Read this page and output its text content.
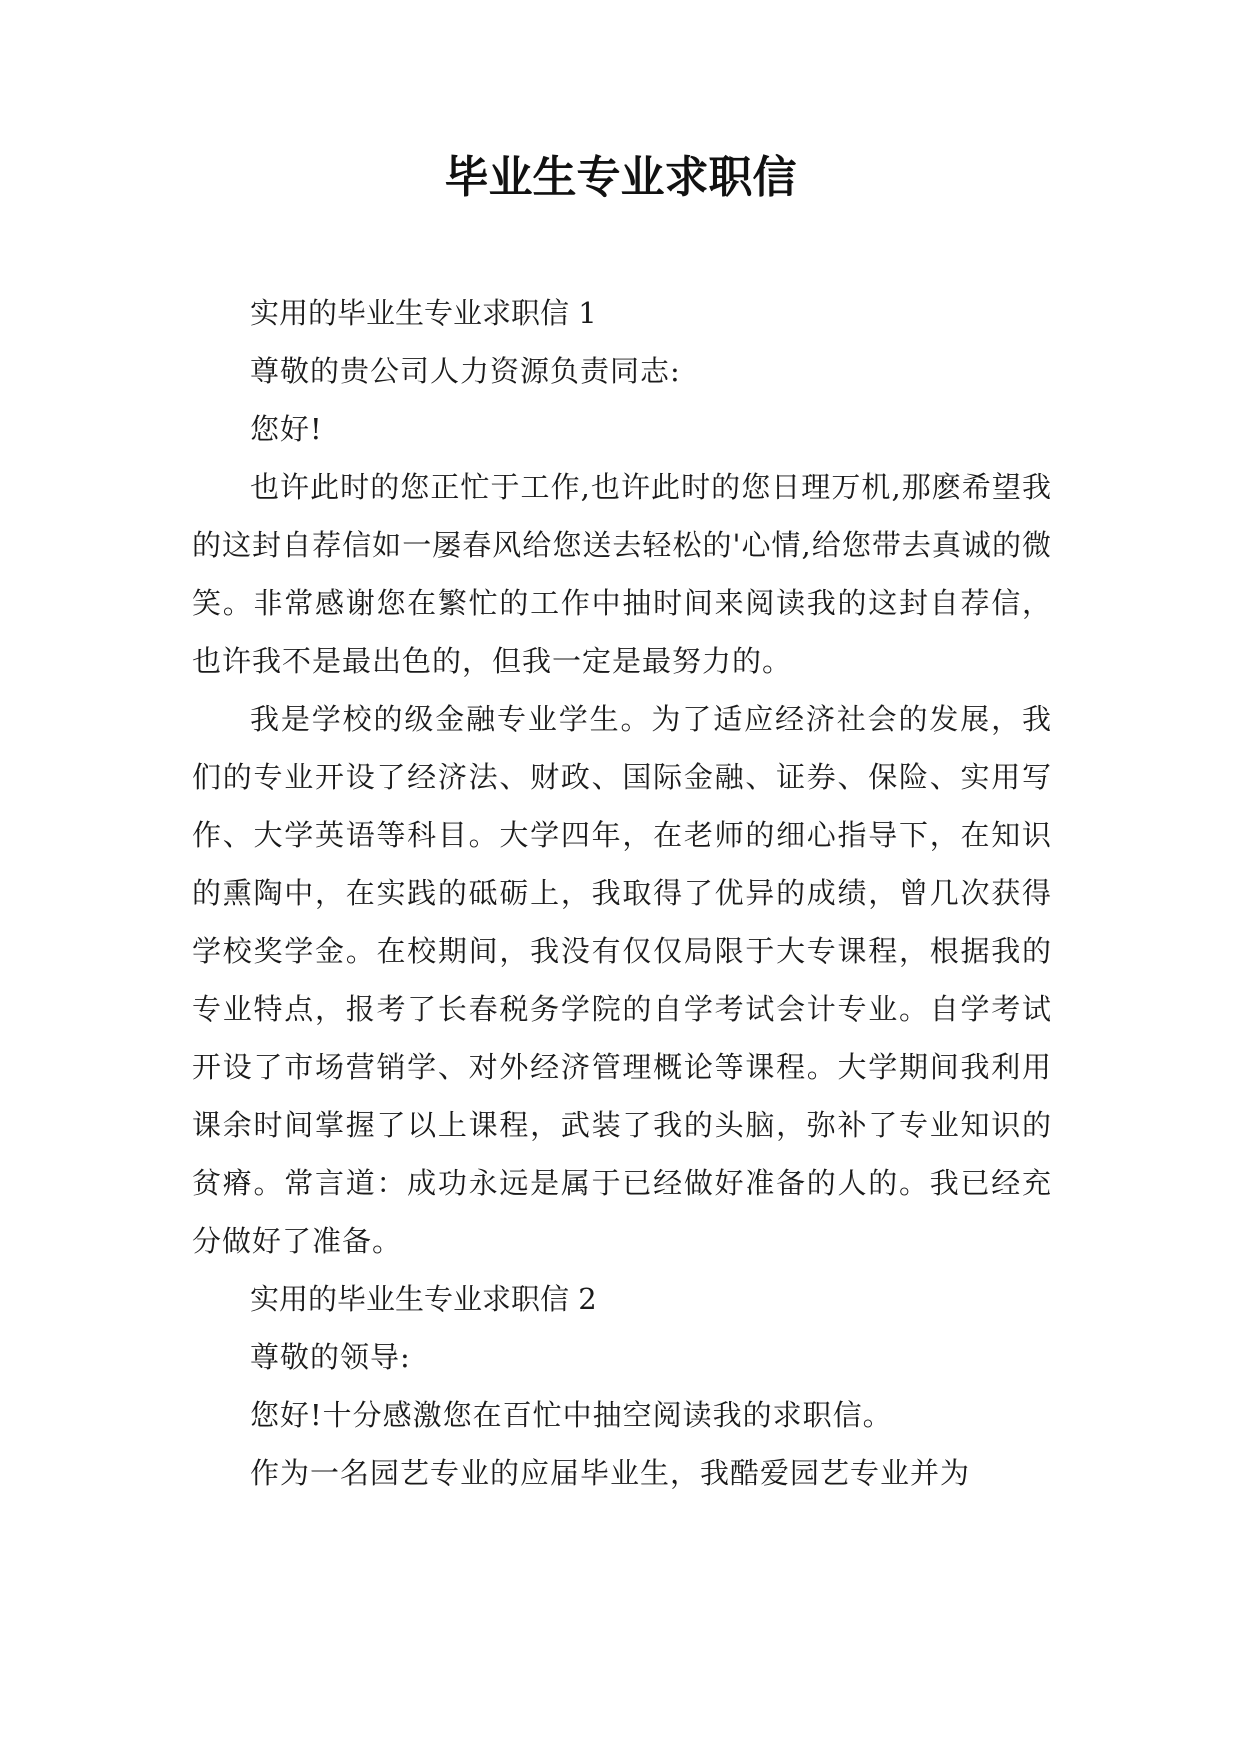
毕业生专业求职信

实用的毕业生专业求职信 1

尊敬的贵公司人力资源负责同志:

您好!

也许此时的您正忙于工作,也许此时的您日理万机,那麽希望我的这封自荐信如一屡春风给您送去轻松的'心情,给您带去真诚的微笑。非常感谢您在繁忙的工作中抽时间来阅读我的这封自荐信，也许我不是最出色的，但我一定是最努力的。

我是学校的级金融专业学生。为了适应经济社会的发展，我们的专业开设了经济法、财政、国际金融、证券、保险、实用写作、大学英语等科目。大学四年，在老师的细心指导下，在知识的熏陶中，在实践的砥砺上，我取得了优异的成绩，曾几次获得学校奖学金。在校期间，我没有仅仅局限于大专课程，根据我的专业特点，报考了长春税务学院的自学考试会计专业。自学考试开设了市场营销学、对外经济管理概论等课程。大学期间我利用课余时间掌握了以上课程，武装了我的头脑，弥补了专业知识的贫瘠。常言道：成功永远是属于已经做好准备的人的。我已经充分做好了准备。

实用的毕业生专业求职信 2

尊敬的领导:

您好!十分感激您在百忙中抽空阅读我的求职信。

作为一名园艺专业的应届毕业生，我酷爱园艺专业并为
